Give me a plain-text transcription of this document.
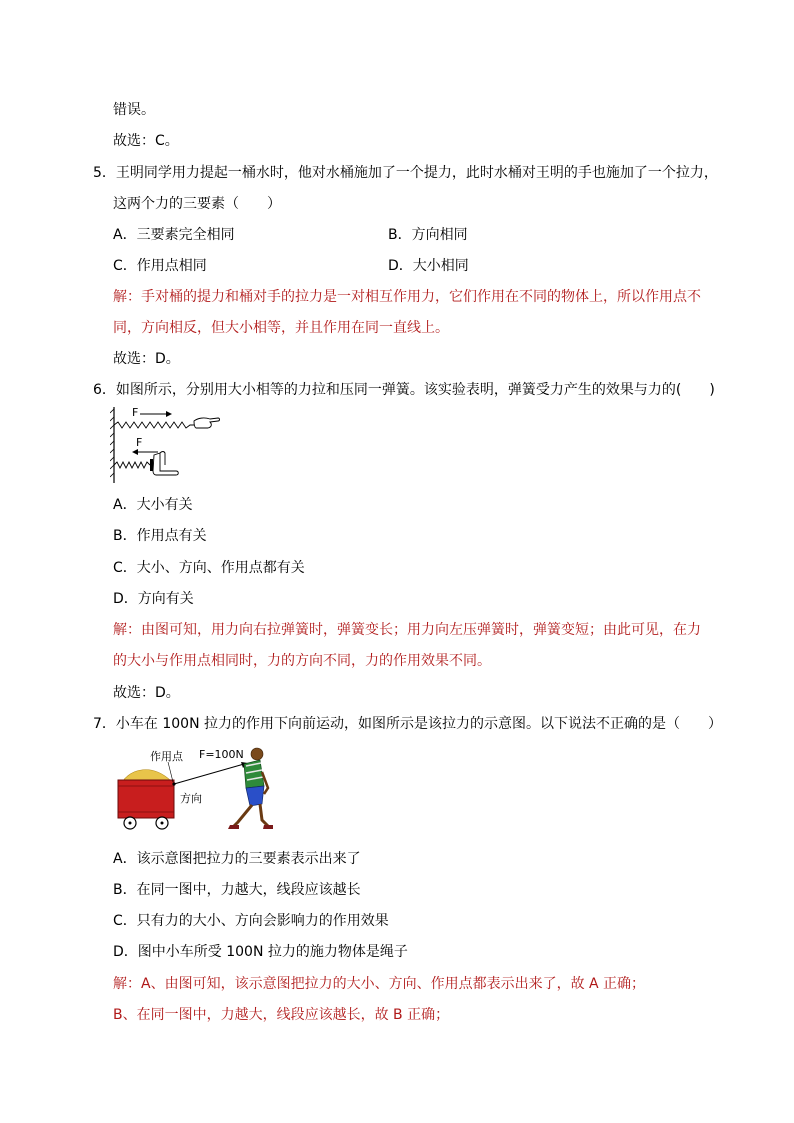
错误。
故选：C。
5．王明同学用力提起一桶水时，他对水桶施加了一个提力，此时水桶对王明的手也施加了一个拉力，
这两个力的三要素（　　）
A．三要素完全相同	B．方向相同
C．作用点相同	D．大小相同
解：手对桶的提力和桶对手的拉力是一对相互作用力，它们作用在不同的物体上，所以作用点不
同，方向相反，但大小相等，并且作用在同一直线上。
故选：D。
6．如图所示，分别用大小相等的力拉和压同一弹簧。该实验表明，弹簧受力产生的效果与力的(　　)
F
F
A．大小有关
B．作用点有关
C．大小、方向、作用点都有关
D．方向有关
解：由图可知，用力向右拉弹簧时，弹簧变长；用力向左压弹簧时，弹簧变短；由此可见，在力
的大小与作用点相同时，力的方向不同，力的作用效果不同。
故选：D。
7．小车在 100N 拉力的作用下向前运动，如图所示是该拉力的示意图。以下说法不正确的是（　　）
作用点 F=100N
方向
A．该示意图把拉力的三要素表示出来了
B．在同一图中，力越大，线段应该越长
C．只有力的大小、方向会影响力的作用效果
D．图中小车所受 100N 拉力的施力物体是绳子
解：A、由图可知，该示意图把拉力的大小、方向、作用点都表示出来了，故 A 正确；
B、在同一图中，力越大，线段应该越长，故 B 正确；
